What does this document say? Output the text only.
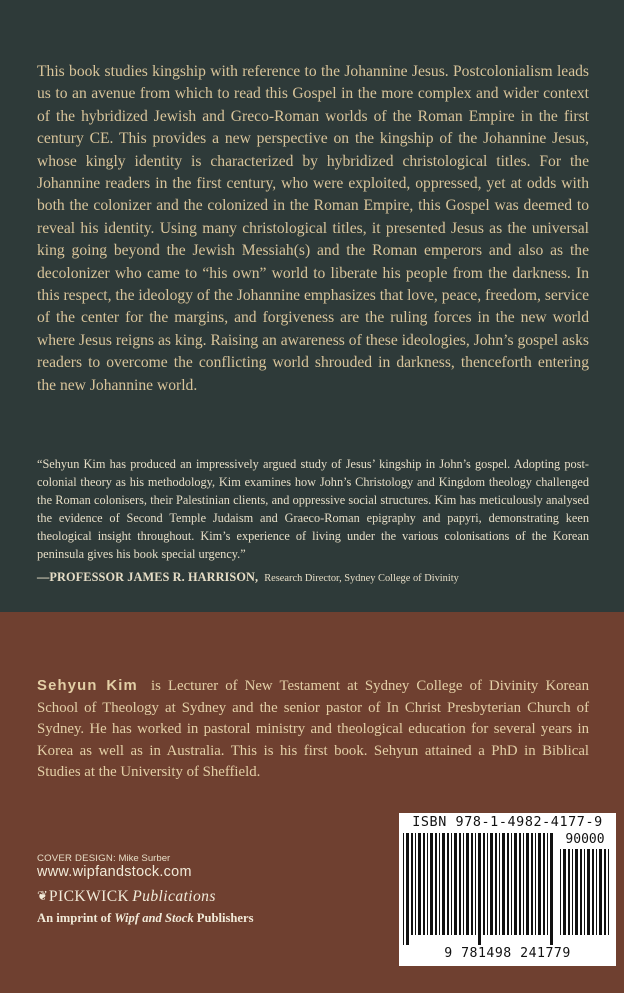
This book studies kingship with reference to the Johannine Jesus. Postcolonialism leads us to an avenue from which to read this Gospel in the more complex and wider context of the hybridized Jewish and Greco-Roman worlds of the Roman Empire in the first century CE. This provides a new perspective on the kingship of the Johannine Jesus, whose kingly identity is characterized by hybridized christological titles. For the Johannine readers in the first century, who were exploited, oppressed, yet at odds with both the colonizer and the colonized in the Roman Empire, this Gospel was deemed to reveal his identity. Using many christological titles, it presented Jesus as the universal king going beyond the Jewish Messiah(s) and the Roman emperors and also as the decolonizer who came to “his own” world to liberate his people from the darkness. In this respect, the ideology of the Johannine emphasizes that love, peace, freedom, service of the center for the margins, and forgiveness are the ruling forces in the new world where Jesus reigns as king. Raising an awareness of these ideologies, John’s gospel asks readers to overcome the conflicting world shrouded in darkness, thenceforth entering the new Johannine world.

“Sehyun Kim has produced an impressively argued study of Jesus’ kingship in John’s gospel. Adopting post-colonial theory as his methodology, Kim examines how John’s Christology and Kingdom theology challenged the Roman colonisers, their Palestinian clients, and oppressive social structures. Kim has meticulously analysed the evidence of Second Temple Judaism and Graeco-Roman epigraphy and papyri, demonstrating keen theological insight throughout. Kim’s experience of living under the various colonisations of the Korean peninsula gives his book special urgency.”

—PROFESSOR JAMES R. HARRISON, Research Director, Sydney College of Divinity

Sehyun Kim is Lecturer of New Testament at Sydney College of Divinity Korean School of Theology at Sydney and the senior pastor of In Christ Presbyterian Church of Sydney. He has worked in pastoral ministry and theological education for several years in Korea as well as in Australia. This is his first book. Sehyun attained a PhD in Biblical Studies at the University of Sheffield.

COVER DESIGN: Mike Surber

www.wipfandstock.com

❦PICKWICK Publications

An imprint of Wipf and Stock Publishers

ISBN 978-1-4982-4177-9

90000

9 781498 241779
